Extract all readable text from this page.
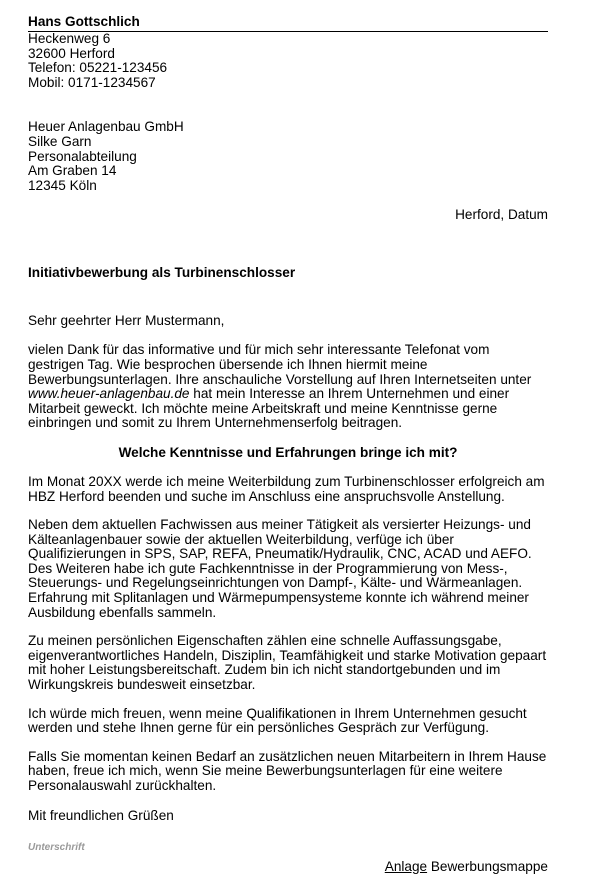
Hans Gottschlich
Heckenweg 6
32600 Herford
Telefon: 05221-123456
Mobil: 0171-1234567
Heuer Anlagenbau GmbH
Silke Garn
Personalabteilung
Am Graben 14
12345 Köln
Herford, Datum
Initiativbewerbung als Turbinenschlosser
Sehr geehrter Herr Mustermann,

vielen Dank für das informative und für mich sehr interessante Telefonat vom gestrigen Tag. Wie besprochen übersende ich Ihnen hiermit meine Bewerbungsunterlagen. Ihre anschauliche Vorstellung auf Ihren Internetseiten unter www.heuer-anlagenbau.de hat mein Interesse an Ihrem Unternehmen und einer Mitarbeit geweckt. Ich möchte meine Arbeitskraft und meine Kenntnisse gerne einbringen und somit zu Ihrem Unternehmenserfolg beitragen.

Welche Kenntnisse und Erfahrungen bringe ich mit?

Im Monat 20XX werde ich meine Weiterbildung zum Turbinenschlosser erfolgreich am HBZ Herford beenden und suche im Anschluss eine anspruchsvolle Anstellung.

Neben dem aktuellen Fachwissen aus meiner Tätigkeit als versierter Heizungs- und Kälteanlagenbauer sowie der aktuellen Weiterbildung, verfüge ich über Qualifizierungen in SPS, SAP, REFA, Pneumatik/Hydraulik, CNC, ACAD und AEFO. Des Weiteren habe ich gute Fachkenntnisse in der Programmierung von Mess-, Steuerungs- und Regelungseinrichtungen von Dampf-, Kälte- und Wärmeanlagen. Erfahrung mit Splitanlagen und Wärmepumpensysteme konnte ich während meiner Ausbildung ebenfalls sammeln.

Zu meinen persönlichen Eigenschaften zählen eine schnelle Auffassungsgabe, eigenverantwortliches Handeln, Disziplin, Teamfähigkeit und starke Motivation gepaart mit hoher Leistungsbereitschaft. Zudem bin ich nicht standortgebunden und im Wirkungskreis bundesweit einsetzbar.

Ich würde mich freuen, wenn meine Qualifikationen in Ihrem Unternehmen gesucht werden und stehe Ihnen gerne für ein persönliches Gespräch zur Verfügung.

Falls Sie momentan keinen Bedarf an zusätzlichen neuen Mitarbeitern in Ihrem Hause haben, freue ich mich, wenn Sie meine Bewerbungsunterlagen für eine weitere Personalauswahl zurückhalten.

Mit freundlichen Grüßen
Unterschrift
Anlage Bewerbungsmappe
